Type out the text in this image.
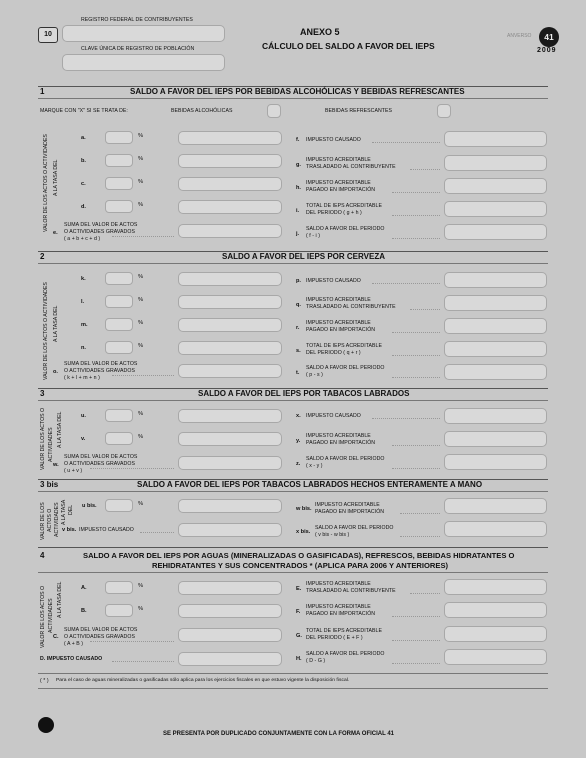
10
REGISTRO FEDERAL DE CONTRIBUYENTES
CLAVE ÚNICA DE REGISTRO DE POBLACIÓN
ANEXO 5
CÁLCULO DEL SALDO A FAVOR DEL IEPS
ANVERSO	41
2009
1	SALDO A FAVOR DEL IEPS POR BEBIDAS ALCOHÓLICAS Y BEBIDAS REFRESCANTES
MARQUE CON "X" SI SE TRATA DE:	BEBIDAS ALCOHÓLICAS	BEBIDAS REFRESCANTES
VALOR DE LOS ACTOS O ACTIVIDADES A LA TASA DEL
a.	%
b.	%
c.	%
d.	%
e.
SUMA DEL VALOR DE ACTOS
O ACTIVIDADES GRAVADOS
( a + b + c + d )
f. IMPUESTO CAUSADO
g.
IMPUESTO ACREDITABLE
TRASLADADO AL CONTRIBUYENTE
h.
IMPUESTO ACREDITABLE
PAGADO EN IMPORTACIÓN
i.
TOTAL DE IEPS ACREDITABLE
DEL PERIODO ( g + h )
j.
SALDO A FAVOR DEL PERIODO
( f - i )
2	SALDO A FAVOR DEL IEPS POR CERVEZA
VALOR DE LOS ACTOS O ACTIVIDADES A LA TASA DEL
k.	%
l.	%
m.	%
n.	%
o.
SUMA DEL VALOR DE ACTOS
O ACTIVIDADES GRAVADOS
( k + l + m + n )
p. IMPUESTO CAUSADO
q.
IMPUESTO ACREDITABLE
TRASLADADO AL CONTRIBUYENTE
r.
IMPUESTO ACREDITABLE
PAGADO EN IMPORTACIÓN
s.
TOTAL DE IEPS ACREDITABLE
DEL PERIODO ( q + r )
t.
SALDO A FAVOR DEL PERIODO
( p - s )
3	SALDO A FAVOR DEL IEPS POR TABACOS LABRADOS
VALOR DE LOS ACTOS O ACTIVIDADES A LA TASA DEL	u.	%
v.	%
w.
SUMA DEL VALOR DE ACTOS
O ACTIVIDADES GRAVADOS
( u + v )
x. IMPUESTO CAUSADO
y.
IMPUESTO ACREDITABLE
PAGADO EN IMPORTACIÓN
z.
SALDO A FAVOR DEL PERIODO
( x - y )
3 bis	SALDO A FAVOR DEL IEPS POR TABACOS LABRADOS HECHOS ENTERAMENTE A MANO
VALOR DE LOS ACTOS O ACTIVIDADES A LA TASA DEL u bis.	%
v bis. IMPUESTO CAUSADO
w bis.
IMPUESTO ACREDITABLE
PAGADO EN IMPORTACIÓN
x bis.
SALDO A FAVOR DEL PERIODO
( v bis - w bis )
4	SALDO A FAVOR DEL IEPS POR AGUAS (MINERALIZADAS O GASIFICADAS), REFRESCOS, BEBIDAS HIDRATANTES O
REHIDRATANTES Y SUS CONCENTRADOS * (APLICA PARA 2006 Y ANTERIORES)
VALOR DE LOS ACTOS O ACTIVIDADES A LA TASA DEL	A.	%
B.	%
C.
SUMA DEL VALOR DE ACTOS
O ACTIVIDADES GRAVADOS
( A + B )
D. IMPUESTO CAUSADO
E.
IMPUESTO ACREDITABLE
TRASLADADO AL CONTRIBUYENTE
F.
IMPUESTO ACREDITABLE
PAGADO EN IMPORTACIÓN
G.
TOTAL DE IEPS ACREDITABLE
DEL PERIODO ( E + F )
H.
SALDO A FAVOR DEL PERIODO
( D - G )
( * ) Para el caso de aguas mineralizadas o gasificadas sólo aplica para los ejercicios fiscales en que estuvo vigente la disposición fiscal.
SE PRESENTA POR DUPLICADO CONJUNTAMENTE CON LA FORMA OFICIAL 41
